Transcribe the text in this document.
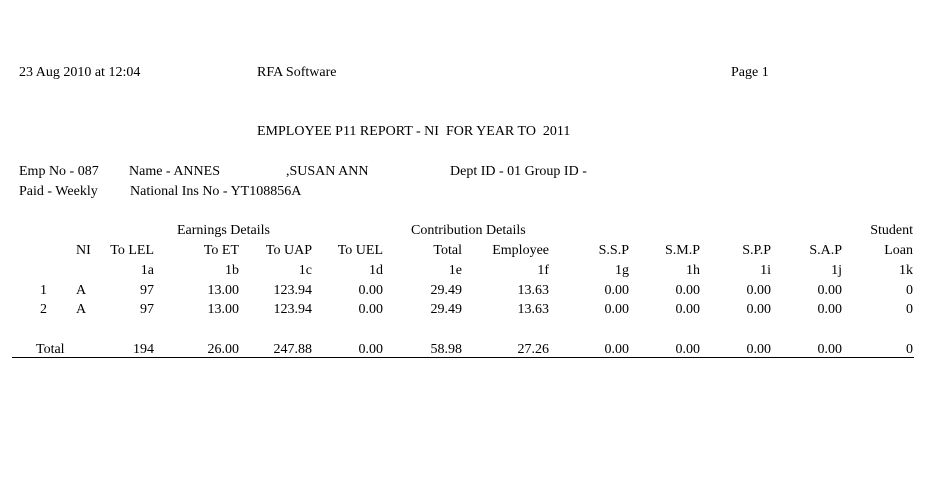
23 Aug 2010 at 12:04	RFA Software	Page 1
EMPLOYEE P11 REPORT - NI  FOR YEAR TO  2011
Emp No - 087 Name - ANNES	,SUSAN ANN	Dept ID - 01 Group ID -
Paid - Weekly National Ins No - YT108856A
Earnings Details	Contribution Details	Student
NI	To LEL	To ET	To UAP	To UEL	Total	Employee	S.S.P	S.M.P	S.P.P	S.A.P	Loan
1a	1b	1c	1d	1e	1f	1g	1h	1i	1j	1k
1 A	97	13.00	123.94	0.00	29.49	13.63	0.00	0.00	0.00	0.00	0
2 A	97	13.00	123.94	0.00	29.49	13.63	0.00	0.00	0.00	0.00	0
Total	194	26.00	247.88	0.00	58.98	27.26	0.00	0.00	0.00	0.00	0
